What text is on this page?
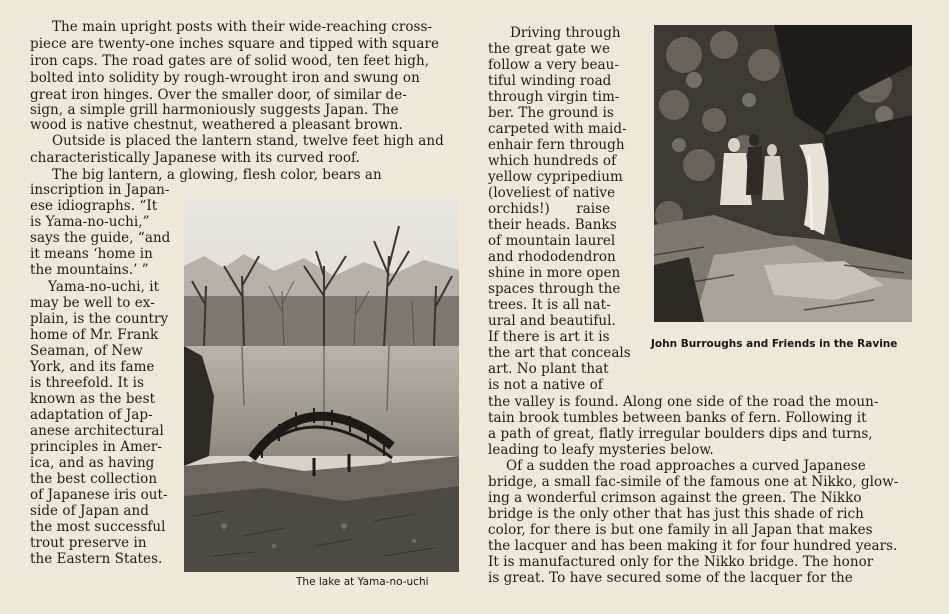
The main upright posts with their wide-reaching cross-
piece are twenty-one inches square and tipped with square
iron caps. The road gates are of solid wood, ten feet high,
bolted into solidity by rough-wrought iron and swung on
great iron hinges. Over the smaller door, of similar de-
sign, a simple grill harmoniously suggests Japan. The
wood is native chestnut, weathered a pleasant brown.
Outside is placed the lantern stand, twelve feet high and
characteristically Japanese with its curved roof.
The big lantern, a glowing, flesh color, bears an
inscription in Japan-
ese idiographs. “It
is Yama-no-uchi,”
says the guide, “and
it means ‘home in
the mountains.’ ”
Yama-no-uchi, it
may be well to ex-
plain, is the country
home of Mr. Frank
Seaman, of New
York, and its fame
is threefold. It is
known as the best
adaptation of Jap-
anese architectural
principles in Amer-
ica, and as having
the best collection
of Japanese iris out-
side of Japan and
the most successful
trout preserve in
the Eastern States.
The lake at Yama-no-uchi
John Burroughs and Friends in the Ravine
Driving through
the great gate we
follow a very beau-
tiful winding road
through virgin tim-
ber. The ground is
carpeted with maid-
enhair fern through
which hundreds of
yellow cypripedium
(loveliest of native
orchids!) raise
their heads. Banks
of mountain laurel
and rhododendron
shine in more open
spaces through the
trees. It is all nat-
ural and beautiful.
If there is art it is
the art that conceals
art. No plant that
is not a native of
the valley is found. Along one side of the road the moun-
tain brook tumbles between banks of fern. Following it
a path of great, flatly irregular boulders dips and turns,
leading to leafy mysteries below.
Of a sudden the road approaches a curved Japanese
bridge, a small fac-simile of the famous one at Nikko, glow-
ing a wonderful crimson against the green. The Nikko
bridge is the only other that has just this shade of rich
color, for there is but one family in all Japan that makes
the lacquer and has been making it for four hundred years.
It is manufactured only for the Nikko bridge. The honor
is great. To have secured some of the lacquer for the
